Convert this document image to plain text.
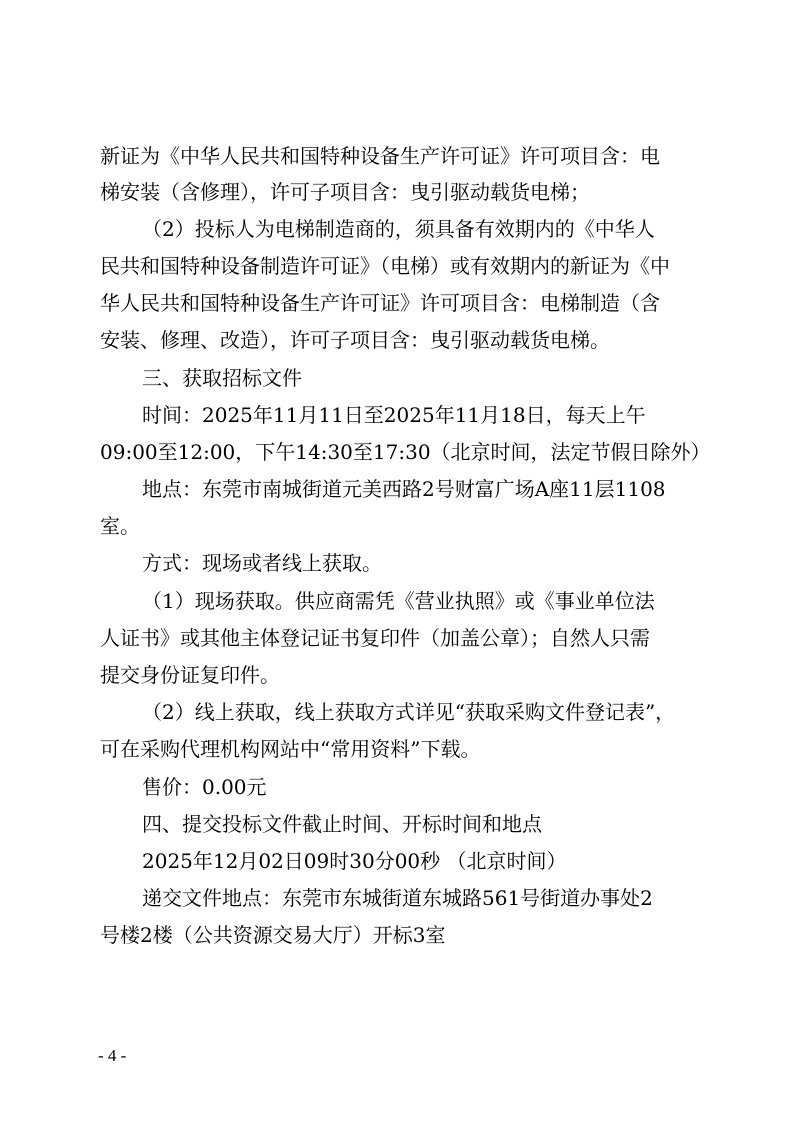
新证为《中华人民共和国特种设备生产许可证》许可项目含：电
梯安装（含修理），许可子项目含：曳引驱动载货电梯；
（2）投标人为电梯制造商的，须具备有效期内的《中华人
民共和国特种设备制造许可证》（电梯）或有效期内的新证为《中
华人民共和国特种设备生产许可证》许可项目含：电梯制造（含
安装、修理、改造），许可子项目含：曳引驱动载货电梯。
三、获取招标文件
时间：2025年11月11日至2025年11月18日，每天上午
09:00至12:00，下午14:30至17:30（北京时间，法定节假日除外）
地点：东莞市南城街道元美西路2号财富广场A座11层1108
室。
方式：现场或者线上获取。
（1）现场获取。供应商需凭《营业执照》或《事业单位法
人证书》或其他主体登记证书复印件（加盖公章）；自然人只需
提交身份证复印件。
（2）线上获取，线上获取方式详见“获取采购文件登记表”，
可在采购代理机构网站中“常用资料”下载。
售价：0.00元
四、提交投标文件截止时间、开标时间和地点
2025年12月02日09时30分00秒 （北京时间）
递交文件地点：东莞市东城街道东城路561号街道办事处2
号楼2楼（公共资源交易大厅）开标3室
- 4 -
